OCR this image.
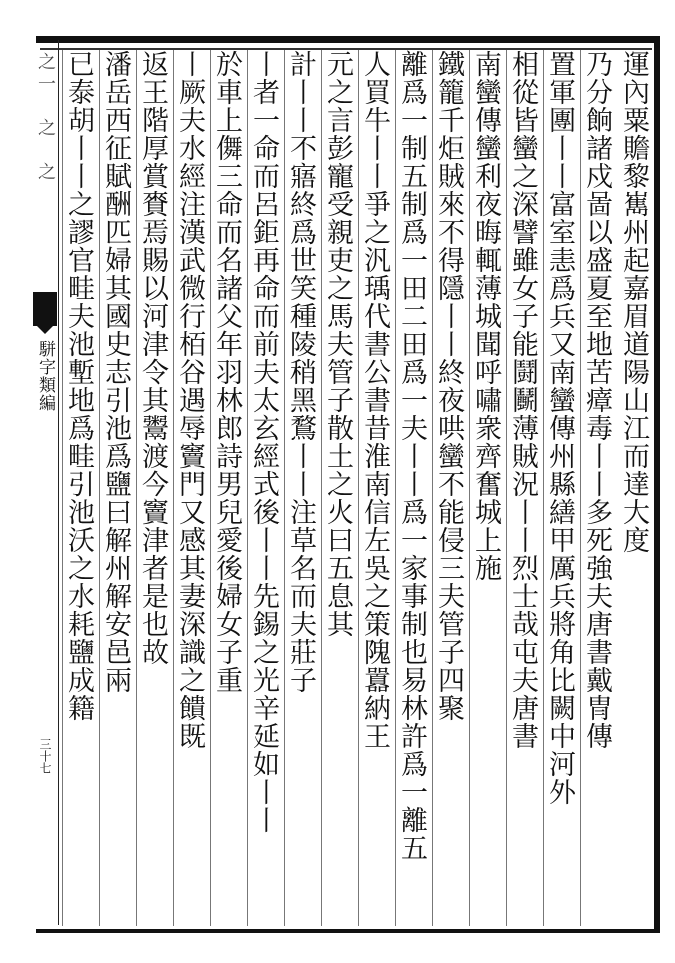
之一　之　之
駢字類編
三十七
運內粟贍黎嶲州起嘉眉道陽山江而達大度
乃分餉諸戍啚以盛夏至地苦瘴毒丨丨多死強夫唐書戴冑傳
置軍團丨丨富室恚爲兵又南蠻傳州縣繕甲厲兵將角比闕中河外
相從皆蠻之深譬雖女子能鬪鬭薄賊況丨丨烈士哉屯夫唐書
南蠻傳蠻利夜晦輒薄城聞呼嘯衆齊奮城上施
鐵籠千炬賊來不得隱丨丨終夜哄蠻不能侵三夫管子四聚
離爲一制五制爲一田二田爲一夫丨丨爲一家事制也易林許爲一離五
人買牛丨丨爭之汎瑀代書公書昔淮南信左吳之策隗囂納王
元之言彭寵受親吏之馬夫管子散土之火曰五息其
計丨丨不寤終爲世笑種陵稍黑鶩丨丨注草名而夫莊子
丨者一命而呂鉅再命而前夫太玄經式後丨丨先錫之光辛延如丨丨
於車上儛三命而名諸父年羽林郎詩男兒愛後婦女子重
丨厥夫水經注漢武微行栢谷遇辱竇門又感其妻深識之饋既
返王階厚賞賚焉賜以河津令其鬻渡今竇津者是也故
潘岳西征賦酬匹婦其國史志引池爲鹽曰解州解安邑兩
已泰胡丨丨之謬官畦夫池塹地爲畦引池沃之水耗鹽成籍
